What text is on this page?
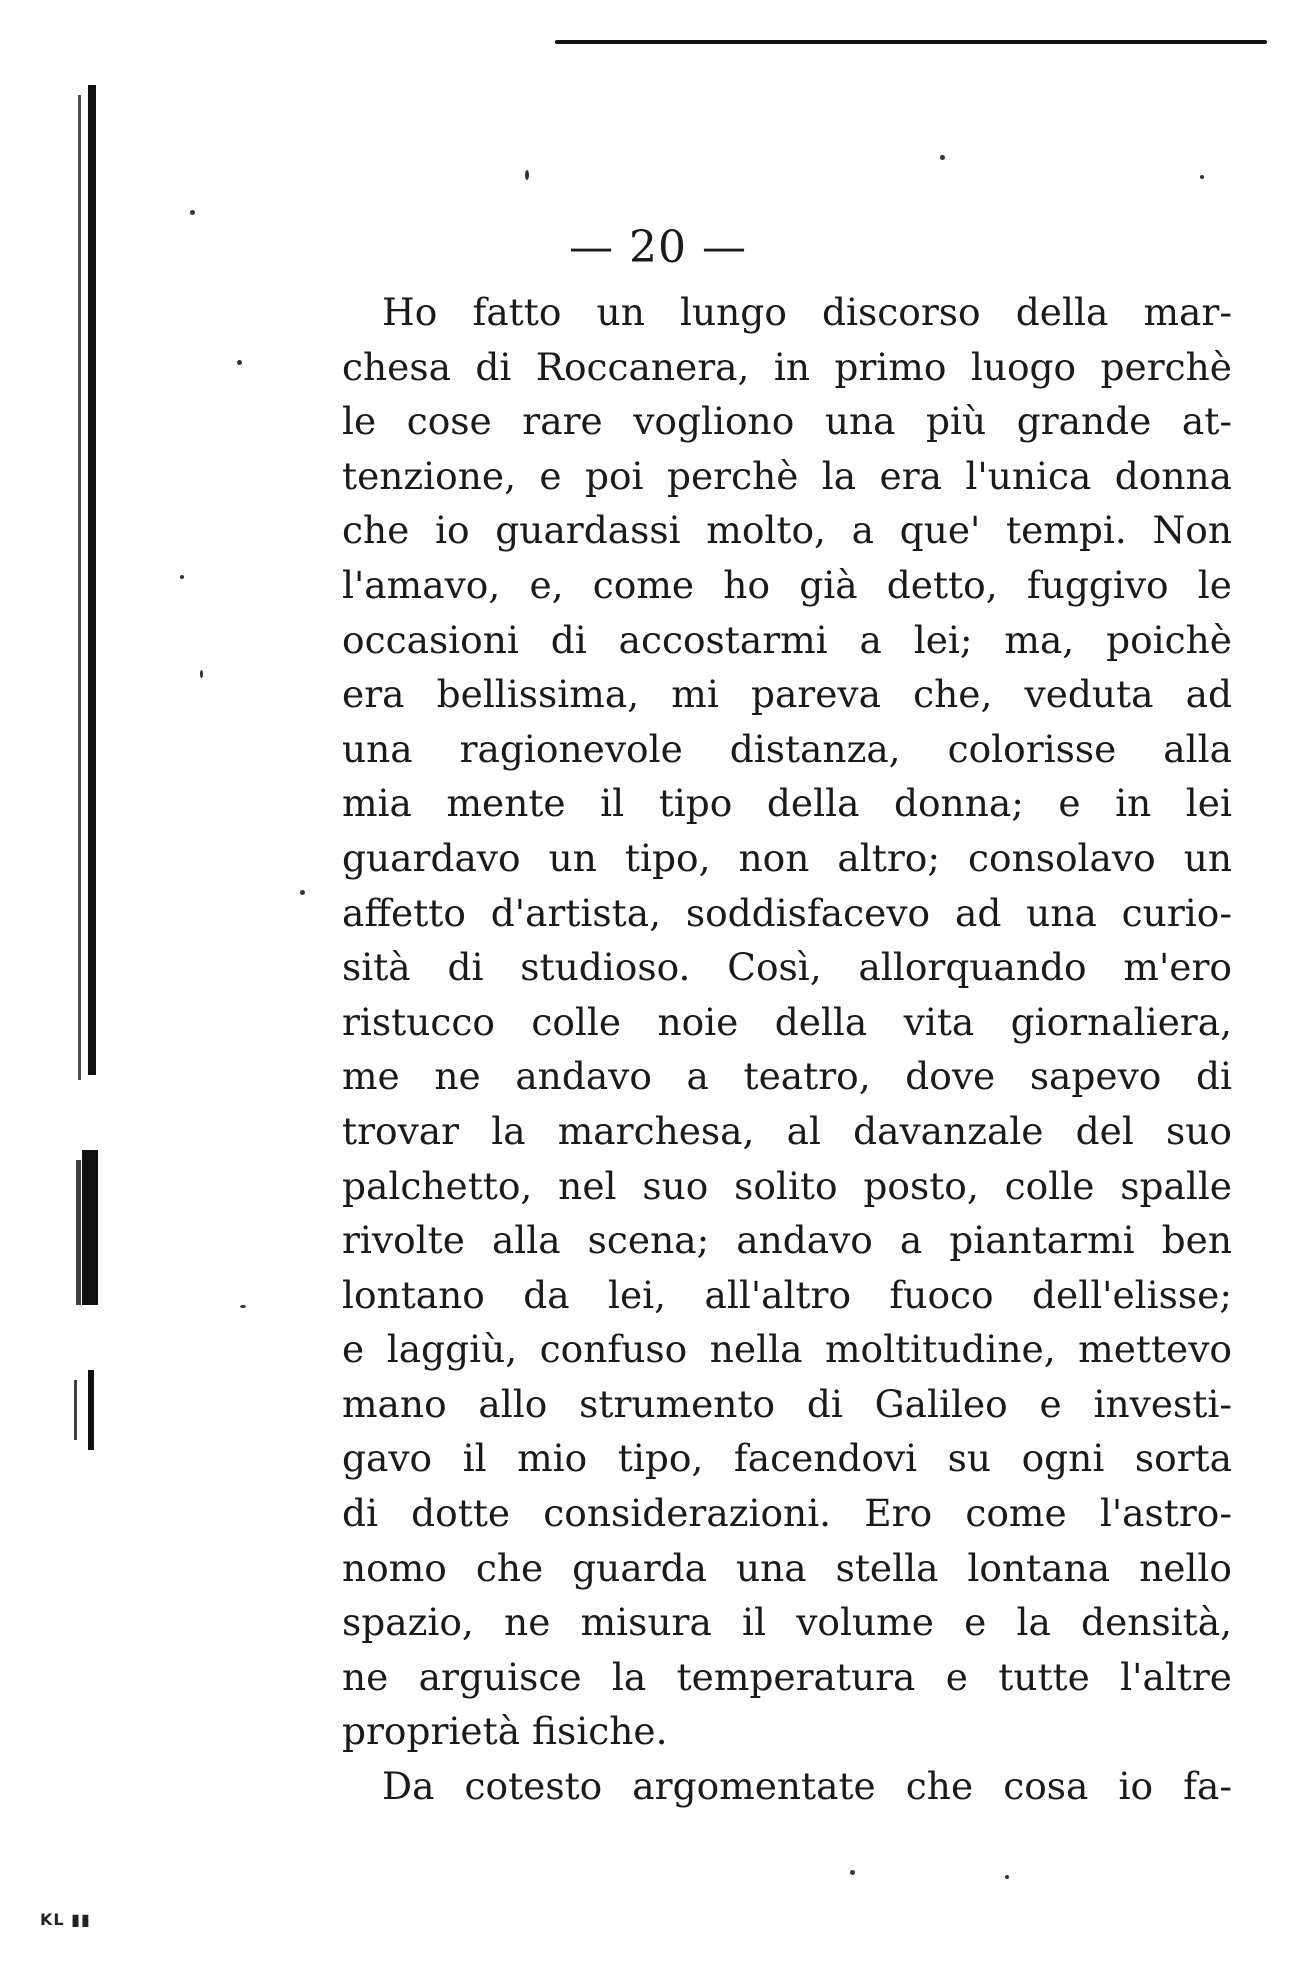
— 20 —
Ho fatto un lungo discorso della mar-
chesa di Roccanera, in primo luogo perchè
le cose rare vogliono una più grande at-
tenzione, e poi perchè la era l'unica donna
che io guardassi molto, a que' tempi. Non
l'amavo, e, come ho già detto, fuggivo le
occasioni di accostarmi a lei; ma, poichè
era bellissima, mi pareva che, veduta ad
una ragionevole distanza, colorisse alla
mia mente il tipo della donna; e in lei
guardavo un tipo, non altro; consolavo un
affetto d'artista, soddisfacevo ad una curio-
sità di studioso. Così, allorquando m'ero
ristucco colle noie della vita giornaliera,
me ne andavo a teatro, dove sapevo di
trovar la marchesa, al davanzale del suo
palchetto, nel suo solito posto, colle spalle
rivolte alla scena; andavo a piantarmi ben
lontano da lei, all'altro fuoco dell'elisse;
e laggiù, confuso nella moltitudine, mettevo
mano allo strumento di Galileo e investi-
gavo il mio tipo, facendovi su ogni sorta
di dotte considerazioni. Ero come l'astro-
nomo che guarda una stella lontana nello
spazio, ne misura il volume e la densità,
ne arguisce la temperatura e tutte l'altre
proprietà fisiche.
Da cotesto argomentate che cosa io fa-
KL ▮▮
